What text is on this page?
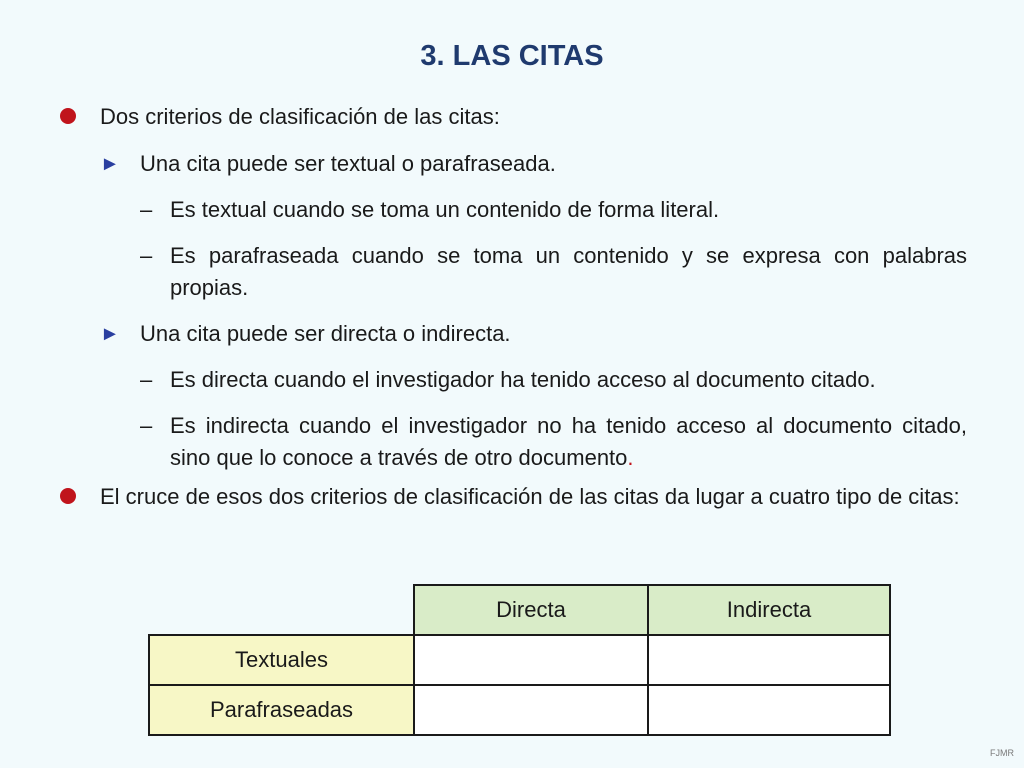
3. LAS CITAS
Dos criterios de clasificación de las citas:
► Una cita puede ser textual o parafraseada.
– Es textual cuando se toma un contenido de forma literal.
– Es parafraseada cuando se toma un contenido y se expresa con palabras propias.
► Una cita puede ser directa o indirecta.
– Es directa cuando el investigador ha tenido acceso al documento citado.
– Es indirecta cuando el investigador no ha tenido acceso al documento citado, sino que lo conoce a través de otro documento.
El cruce de esos dos criterios de clasificación de las citas da lugar a cuatro tipo de citas:
	Directa	Indirecta
Textuales		
Parafraseadas		
FJMR
